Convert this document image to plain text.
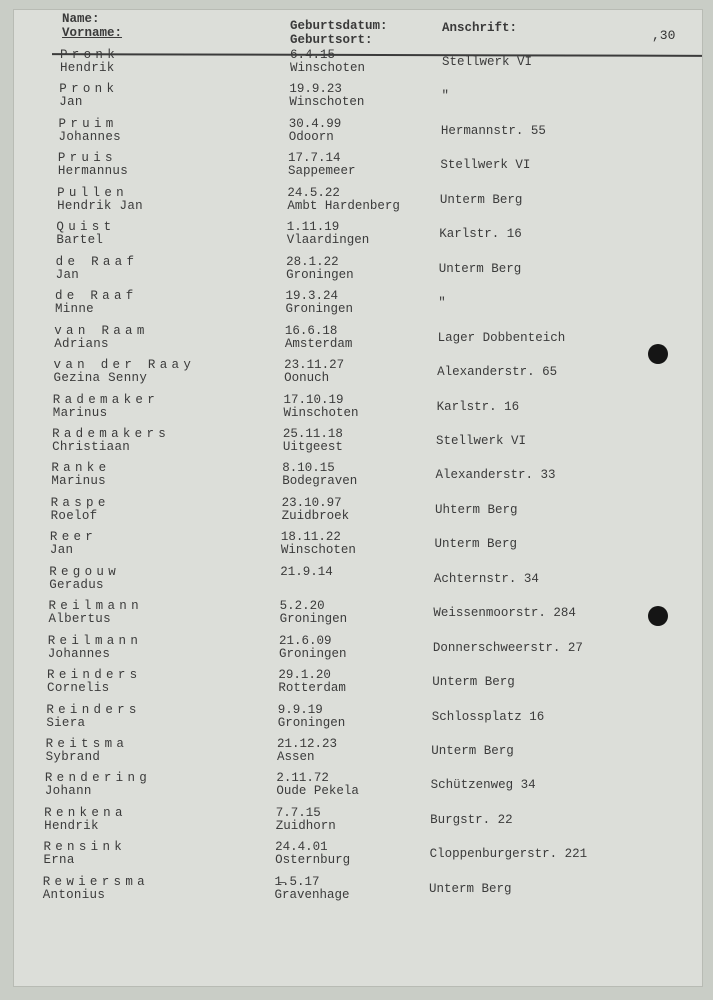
Name:
Vorname:	Geburtsdatum:
Geburtsort:
Anschrift:	,30
Pronk
Hendrik
6.4.15
Winschoten	Stellwerk VI
Pronk
Jan
19.9.23
Winschoten	"
Pruim
Johannes
30.4.99
Odoorn	Hermannstr. 55
Pruis
Hermannus
17.7.14
Sappemeer	Stellwerk VI
Pullen
Hendrik Jan
24.5.22
Ambt Hardenberg	Unterm Berg
Quist
Bartel
1.11.19
Vlaardingen	Karlstr. 16
de Raaf
Jan
28.1.22
Groningen	Unterm Berg
de Raaf
Minne
19.3.24
Groningen	"
van Raam
Adrians
16.6.18
Amsterdam	Lager Dobbenteich
van der Raay
Gezina Senny
23.11.27
Oonuch	Alexanderstr. 65
Rademaker
Marinus
17.10.19
Winschoten	Karlstr. 16
Rademakers
Christiaan
25.11.18
Uitgeest	Stellwerk VI
Ranke
Marinus
8.10.15
Bodegraven	Alexanderstr. 33
Raspe
Roelof
23.10.97
Zuidbroek	Uhterm Berg
Reer
Jan
18.11.22
Winschoten	Unterm Berg
Regouw
Geradus
21.9.14	Achternstr. 34
Reilmann
Albertus
5.2.20
Groningen	Weissenmoorstr. 284
Reilmann
Johannes
21.6.09
Groningen	Donnerschweerstr. 27
Reinders
Cornelis
29.1.20
Rotterdam	Unterm Berg
Reinders
Siera
9.9.19
Groningen	Schlossplatz 16
Reitsma
Sybrand
21.12.23
Assen	Unterm Berg
Rendering
Johann
2.11.72
Oude Pekela	Schützenweg 34
Renkena
Hendrik
7.7.15
Zuidhorn	Burgstr. 22
Rensink
Erna
24.4.01
Osternburg	Cloppenburgerstr. 221
Rewiersma
Antonius
1̶.5.17
Gravenhage	Unterm Berg
